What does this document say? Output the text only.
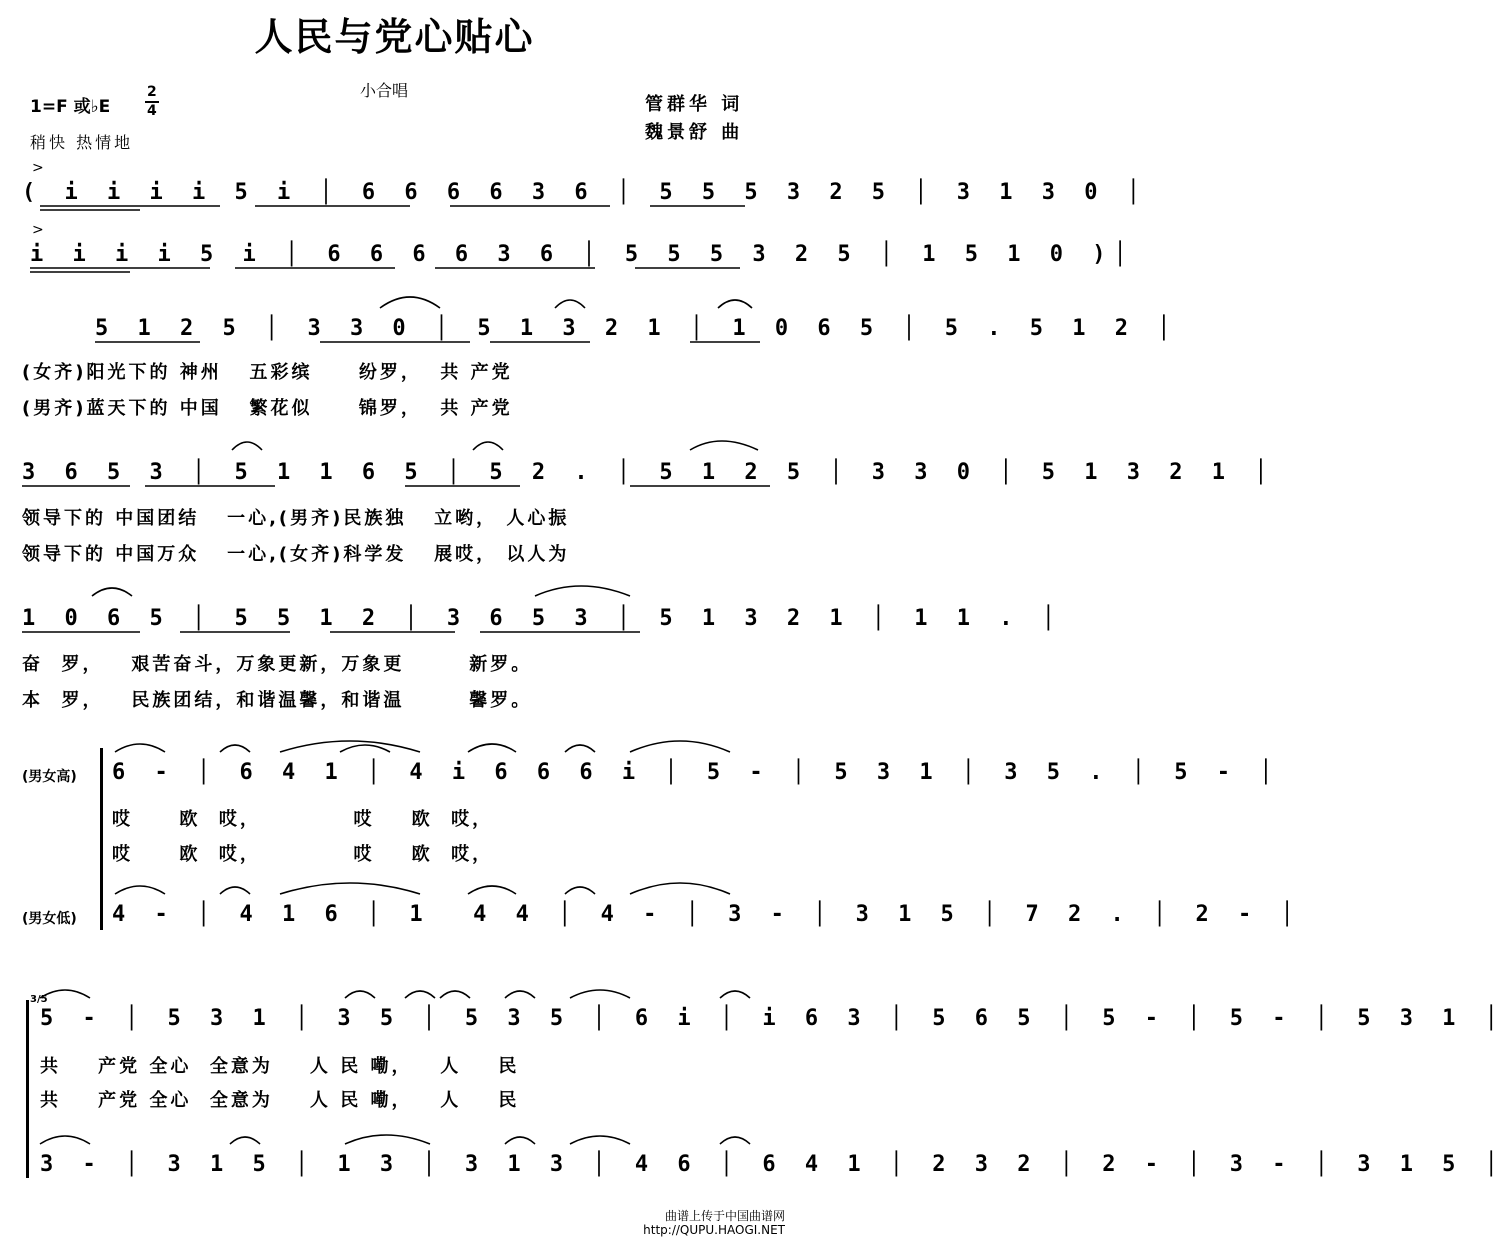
人民与党心贴心
小合唱
1=F 或♭E
2
4
稍快 热情地
管群华 词
魏景舒 曲
>
( i i i i 5 i │ 6 6 6 6 3 6 │ 5 5 5 3 2 5 │ 3 1 3 0 │
>
i i i i 5 i │ 6 6 6 6 3 6 │ 5 5 5 3 2 5 │ 1 5 1 0 )│
5 1 2 5 │ 3 3 0 │ 5 1 3 2 1 │ 1 0 6 5 │ 5 . 5 1 2 │
(女齐)阳光下的 神州   五彩缤     纷罗，  共 产党
(男齐)蓝天下的 中国   繁花似     锦罗，  共 产党
3 6 5 3 │ 5 1 1 6 5 │ 5 2 . │ 5 1 2 5 │ 3 3 0 │ 5 1 3 2 1 │
领导下的 中国团结   一心,(男齐)民族独   立哟， 人心振
领导下的 中国万众   一心,(女齐)科学发   展哎， 以人为
1 0 6 5 │ 5 5 1 2 │ 3 6 5 3 │ 5 1 3 2 1 │ 1 1 . │
奋  罗，   艰苦奋斗，万象更新，万象更       新罗。
本  罗，   民族团结，和谐温馨，和谐温       馨罗。
(男女高) 6 - │ 6 4 1 │ 4 i 6 6 6 i │ 5 - │ 5 3 1 │ 3 5 . │ 5 - │
哎     欧  哎，          哎    欧  哎，
哎     欧  哎，          哎    欧  哎，
(男女低) 4 - │ 4 1 6 │ 1  4 4 │ 4 - │ 3 - │ 3 1 5 │ 7 2 . │ 2 - │
3/5
5 - │ 5 3 1 │ 3 5 │ 5 3 5 │ 6 i │ i 6 3 │ 5 6 5 │ 5 - │ 5 - │ 5 3 1 │
共    产党 全心  全意为    人 民 嘞，   人    民
共    产党 全心  全意为    人 民 嘞，   人    民
3 - │ 3 1 5 │ 1 3 │ 3 1 3 │ 4 6 │ 6 4 1 │ 2 3 2 │ 2 - │ 3 - │ 3 1 5 │
曲谱上传于中国曲谱网
http://QUPU.HAOGI.NET
